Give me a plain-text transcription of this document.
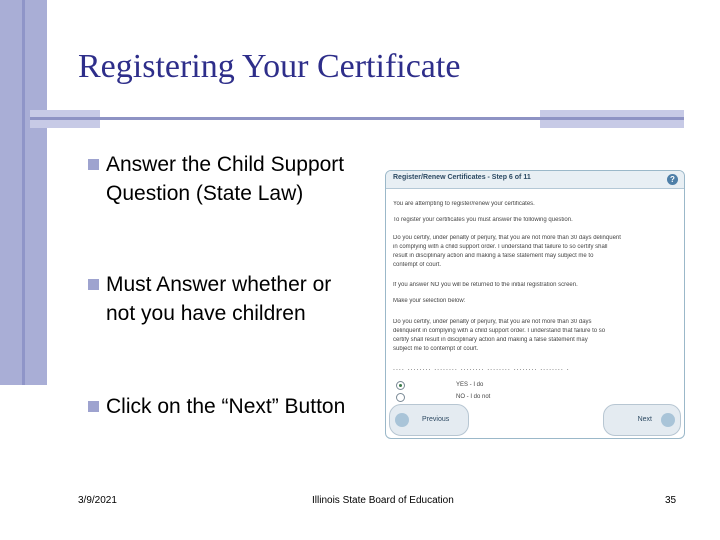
Registering Your Certificate
Answer the Child Support Question (State Law)
Must Answer whether or not you have children
Click on the “Next” Button
Register/Renew Certificates - Step 6 of 11	?
You are attempting to register/renew your certificates.
To register your certificates you must answer the following question.
Do you certify, under penalty of perjury, that you are not more than 30 days delinquent
in complying with a child support order. I understand that failure to so certify shall
result in disciplinary action and making a false statement may subject me to
contempt of court.
If you answer NO you will be returned to the initial registration screen.
Make your selection below:
Do you certify, under penalty of perjury, that you are not more than 30 days
delinquent in complying with a child support order. I understand that failure to so
certify shall result in disciplinary action and making a false statement may
subject me to contempt of court.
.... ........ ........ ........ ........ ........ ........ .
YES - I do
NO - I do not
Previous	Next
3/9/2021	Illinois State Board of Education	35
